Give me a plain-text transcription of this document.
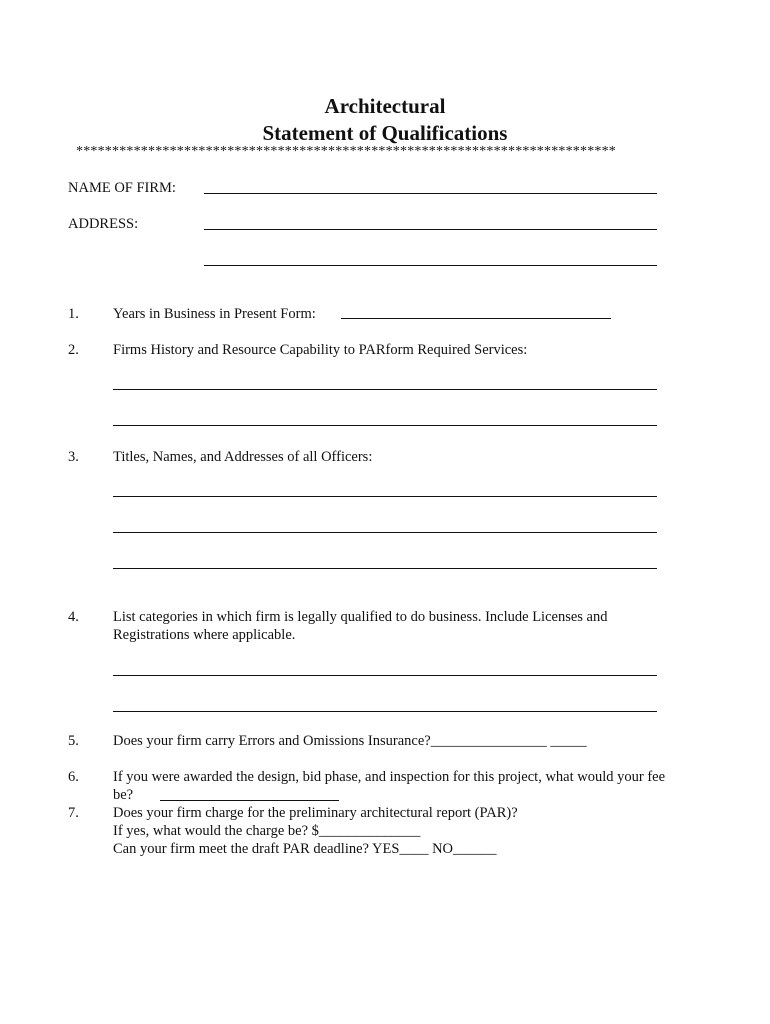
Architectural
Statement of Qualifications
***************************************************************************
NAME OF FIRM:
ADDRESS:
1. Years in Business in Present Form:
2. Firms History and Resource Capability to PARform Required Services:
3. Titles, Names, and Addresses of all Officers:
4. List categories in which firm is legally qualified to do business. Include Licenses and
Registrations where applicable.
5. Does your firm carry Errors and Omissions Insurance?________________ _____
6. If you were awarded the design, bid phase, and inspection for this project, what would your fee
be?
7. Does your firm charge for the preliminary architectural report (PAR)?
If yes, what would the charge be? $______________
Can your firm meet the draft PAR deadline? YES____ NO______
